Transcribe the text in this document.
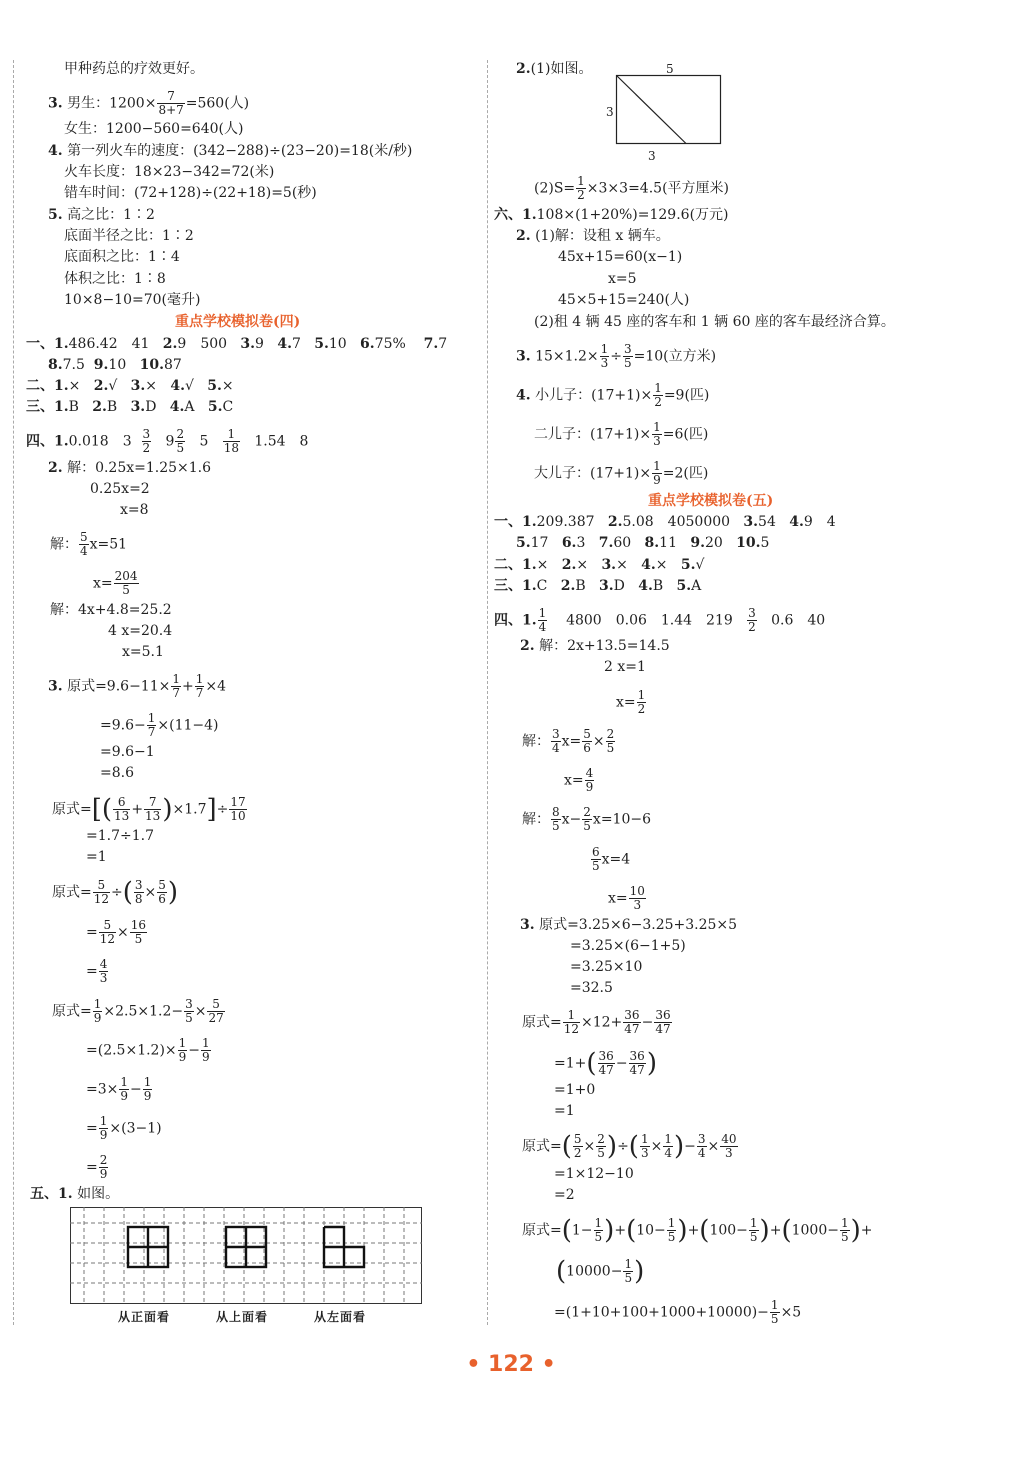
甲种药总的疗效更好。
3. 男生：$1200\times \frac{7}{8+7} =560$(人)
女生：1200−560=640(人)
4. 第一列火车的速度：(342−288)÷(23−20)=18(米/秒)
火车长度：18×23−342=72(米)
错车时间：(72+128)÷(22+18)=5(秒)
5. 高之比：1∶2
底面半径之比：1∶2
底面积之比：1∶4
体积之比：1∶8
10×8−10=70(毫升)
重点学校模拟卷(四)
一、1.486.42　41 2.9　500 3.9 4.7 5.10 6.75% 7.7
8.7.5 9.10 10.87
二、1.× 2.√ 3.× 4.√ 5.×
三、1.B 2.B 3.D 4.A 5.C
四、1.0.018　$3 \frac{3}{2} 9 \frac{2}{5} 5 \frac{1}{18} 1.54$　8
2. 解：0.25x=1.25×1.6
0.25x=2
x=8
解： $\frac{5}{4} x=51$
$x= \frac{204}{5}$
解：4x+4.8=25.2
4 x=20.4
x=5.1
3. 原式$=9.6-11\times \frac{1}{7} + \frac{1}{7} \times 4$
$=9.6- \frac{1}{7} \times(11-4)$
=9.6−1
=8.6
原式=[( $\frac{6}{13} + \frac{7}{13} )\times 1.7]\div \frac{17}{10}$
=1.7÷1.7
=1
原式= $\frac{5}{12}$ ÷( $\frac{3}{8} \times \frac{5}{6}$ )
= $\frac{5}{12} \times \frac{16}{5}$
= $\frac{4}{3}$
原式= $\frac{1}{9} \times 2.5\times 1.2- \frac{3}{5} \times \frac{5}{27}$
$=(2.5\times 1.2)\times \frac{1}{9} - \frac{1}{9}$
$=3\times \frac{1}{9} - \frac{1}{9}$
= $\frac{1}{9} \times(3-1)$
= $\frac{2}{9}$
五、1. 如图。
从正面看	从上面看	从左面看
2.(1)如图。	5
3
3
$(2)S= \frac{1}{2} \times 3\times 3=4.5$(平方厘米)
六、1.108×(1+20%)=129.6(万元)
2. (1)解：设租 x 辆车。
45x+15=60(x−1)
x=5
45×5+15=240(人)
(2)租 4 辆 45 座的客车和 1 辆 60 座的客车最经济合算。
3. $15\times 1.2\times \frac{1}{3} \div \frac{3}{5} =10$(立方米)
4. 小儿子：$(17+1)\times \frac{1}{2} =9$(匹)
二儿子：$(17+1)\times \frac{1}{3} =6$(匹)
大儿子：$(17+1)\times \frac{1}{9} =2$(匹)
重点学校模拟卷(五)
一、1.209.387 2.5.08　4050000 3.54 4.9　4
5.17 6.3 7.60 8.11 9.20 10.5
二、1.× 2.× 3.× 4.× 5.√
三、1.C 2.B 3.D 4.B 5.A
四、1. $\frac{1}{4} 4800$　0.06　1.44　$219 \frac{3}{2} 0.6$　40
2. 解：2x+13.5=14.5
2 x=1
$x= \frac{1}{2}$
解： $\frac{3}{4} x= \frac{5}{6} \times \frac{2}{5}$
$x= \frac{4}{9}$
解： $\frac{8}{5} x- \frac{2}{5} x=10-6$
$\frac{6}{5} x=4$
$x= \frac{10}{3}$
3. 原式=3.25×6−3.25+3.25×5
=3.25×(6−1+5)
=3.25×10
=32.5
原式= $\frac{1}{12} \times 12+ \frac{36}{47} - \frac{36}{47}$
$=1+( \frac{36}{47} - \frac{36}{47}$ )
=1+0
=1
原式=( $\frac{5}{2} \times \frac{2}{5}$ )÷( $\frac{1}{3} \times \frac{1}{4}$ )− $\frac{3}{4} \times \frac{40}{3}$
=1×12−10
=2
原式$=(1- \frac{1}{5} )+(10- \frac{1}{5} )+(100- \frac{1}{5} )+(1000- \frac{1}{5}$ )+
($10000- \frac{1}{5}$ )
$=(1+10+100+1000+10000)- \frac{1}{5} \times 5$
• 122 •
